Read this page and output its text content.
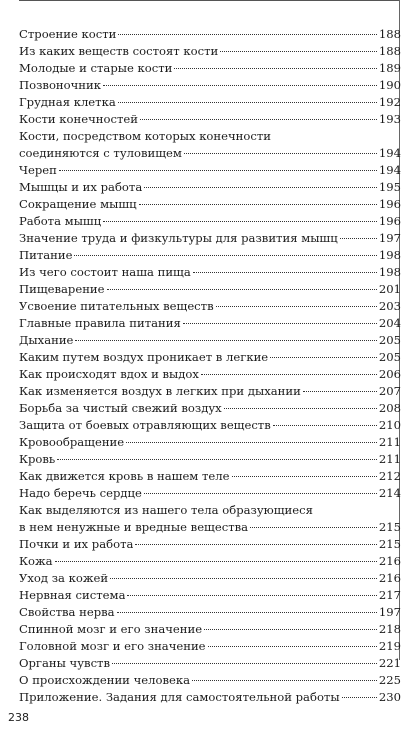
Строение кости	188
Из каких веществ состоят кости	188
Молодые и старые кости	189
Позвоночник	190
Грудная клетка	192
Кости конечностей	193
Кости, посредством которых конечности
соединяются с туловищем	194
Череп	194
Мышцы и их работа	195
Сокращение мышц	196
Работа мышц	196
Значение труда и физкультуры для развития мышц	197
Питание	198
Из чего состоит наша пища	198
Пищеварение	201
Усвоение питательных веществ	203
Главные правила питания	204
Дыхание	205
Каким путем воздух проникает в легкие	205
Как происходят вдох и выдох	206
Как изменяется воздух в легких при дыхании	207
Борьба за чистый свежий воздух	208
Защита от боевых отравляющих веществ	210
Кровообращение	211
Кровь	211
Как движется кровь в нашем теле	212
Надо беречь сердце	214
Как выделяются из нашего тела образующиеся
в нем ненужные и вредные вещества	215
Почки и их работа	215
Кожа	216
Уход за кожей	216
Нервная система	217
Свойства нерва	197
Спинной мозг и его значение	218
Головной мозг и его значение	219
Органы чувств	221
О происхождении человека	225
Приложение. Задания для самостоятельной работы	230
238
